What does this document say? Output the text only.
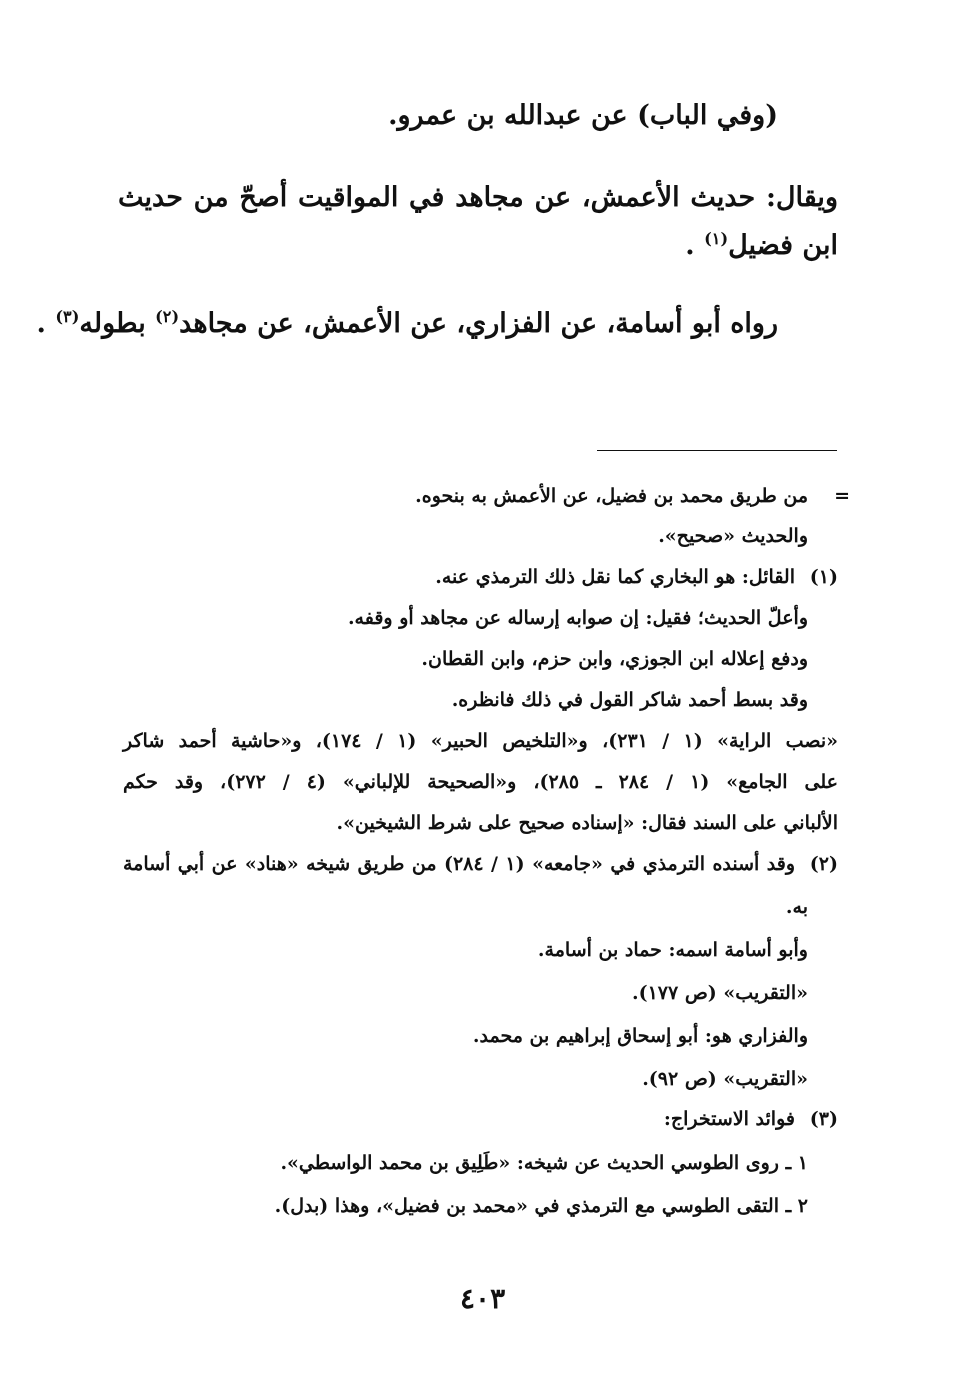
(وفي الباب) عن عبدالله بن عمرو.

ويقال: حديث الأعمش، عن مجاهد في المواقيت أصحّ من حديث

ابن فضيل$^{(١)}$ .

رواه أبو أسامة، عن الفزاري، عن الأعمش، عن مجاهد$^{(٢)}$ بطوله$^{(٣)}$ .

=

من طريق محمد بن فضيل، عن الأعمش به بنحوه.

والحديث «صحيح».

(١)

القائل: هو البخاري كما نقل ذلك الترمذي عنه.

وأعلّ الحديث؛ فقيل: إن صوابه إرساله عن مجاهد أو وقفه.

ودفع إعلاله ابن الجوزي، وابن حزم، وابن القطان.

وقد بسط أحمد شاكر القول في ذلك فانظره.

«نصب الراية» (١ / ٢٣١)، و«التلخيص الحبير» (١ / ١٧٤)، و«حاشية أحمد شاكر

على الجامع» (١ / ٢٨٤ ـ ٢٨٥)، و«الصحيحة للإلباني» (٤ / ٢٧٢)، وقد حكم

الألباني على السند فقال: «إسناده صحيح على شرط الشيخين».

(٢)

وقد أسنده الترمذي في «جامعه» (١ / ٢٨٤) من طريق شيخه «هناد» عن أبي أسامة

به.

وأبو أسامة اسمه: حماد بن أسامة.

«التقريب» (ص ١٧٧).

والفزاري هو: أبو إسحاق إبراهيم بن محمد.

«التقريب» (ص ٩٢).

(٣)

فوائد الاستخراج:

١ ـ روى الطوسي الحديث عن شيخه: «طَلِيق بن محمد الواسطي».

٢ ـ التقى الطوسي مع الترمذي في «محمد بن فضيل»، وهذا (بدل).

٤٠٣
